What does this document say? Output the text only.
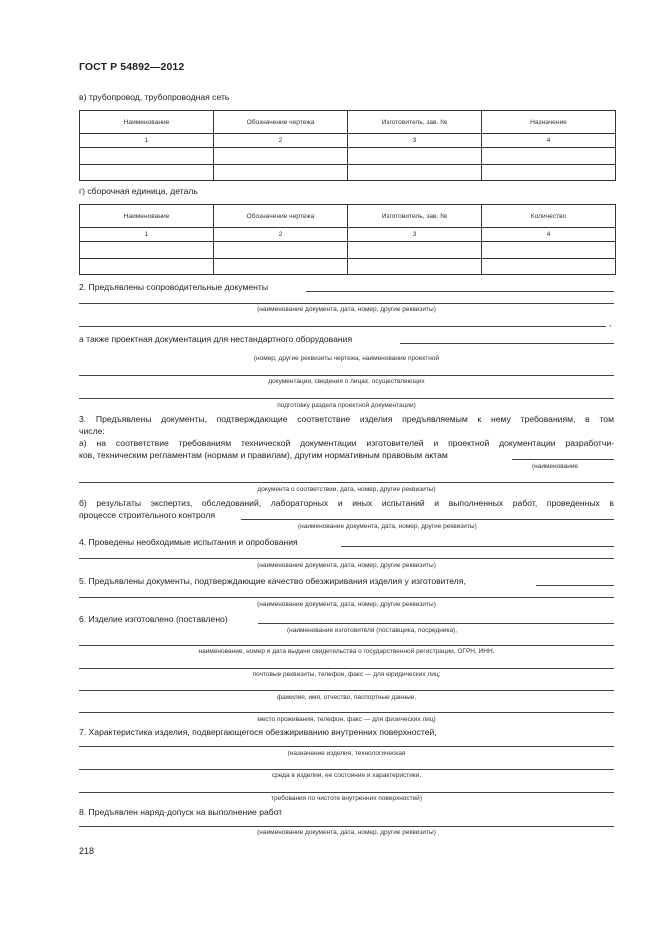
ГОСТ Р 54892—2012
в) трубопровод, трубопроводная сеть
Наименование	Обозначение чертежа	Изготовитель, зав. №	Назначение
1	2	3	4

г) сборочная единица, деталь
Наименование	Обозначение чертежа	Изготовитель, зав. №	Количество
1	2	3	4

2. Предъявлены сопроводительные документы
(наименование документа, дата, номер, другие реквизиты)
,
а также проектная документация для нестандартного оборудования
(номер, другие реквизиты чертежа, наименование проектной
документации, сведения о лицах, осуществляющих
подготовку раздела проектной документации)
3. Предъявлены документы, подтверждающие соответствие изделия предъявляемым к нему требованиям, в том
числе:
а) на соответствие требованиям технической документации изготовителей и проектной документации разработчи-
ков, техническим регламентам (нормам и правилам), другим нормативным правовым актам
(наименование
документа о соответствии, дата, номер, другие реквизиты)
б) результаты экспертиз, обследований, лабораторных и иных испытаний и выполненных работ, проведенных в
процессе строительного контроля
(наименование документа, дата, номер, другие реквизиты)
4. Проведены необходимые испытания и опробования
(наименование документа, дата, номер, другие реквизиты)
5. Предъявлены документы, подтверждающие качество обезжиривания изделия у изготовителя,
(наименование документа, дата, номер, другие реквизиты)
6. Изделие изготовлено (поставлено)
(наименование изготовителя (поставщика, посредника),
наименование, номер и дата выдачи свидетельства о государственной регистрации, ОГРН, ИНН,
почтовые реквизиты, телефон, факс — для юридических лиц;
фамилия, имя, отчество, паспортные данные,
место проживания, телефон, факс — для физических лиц)
7. Характеристика изделия, подвергающегося обезжириванию внутренних поверхностей,
(назначение изделия, технологическая
среда в изделии, ее состояние и характеристики,
требования по чистоте внутренних поверхностей)
8. Предъявлен наряд-допуск на выполнение работ
(наименование документа, дата, номер, другие реквизиты)
218
